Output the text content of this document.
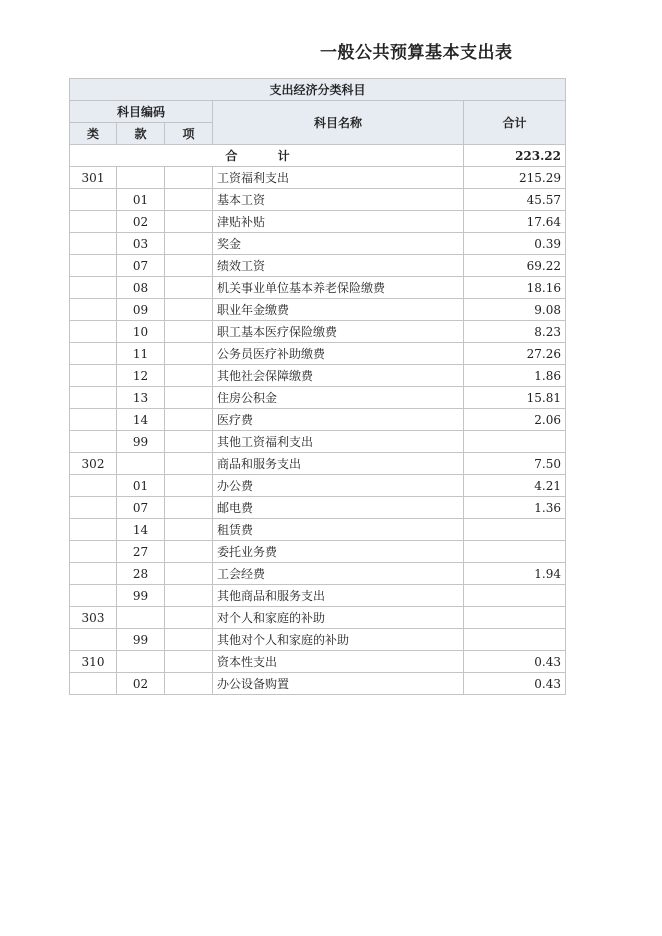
一般公共预算基本支出表
支出经济分类科目				
科目编码			科目名称	合计
类	款	项		
合 计				223.22
301			工资福利支出	215.29
	01		基本工资	45.57
	02		津贴补贴	17.64
	03		奖金	0.39
	07		绩效工资	69.22
	08		机关事业单位基本养老保险缴费	18.16
	09		职业年金缴费	9.08
	10		职工基本医疗保险缴费	8.23
	11		公务员医疗补助缴费	27.26
	12		其他社会保障缴费	1.86
	13		住房公积金	15.81
	14		医疗费	2.06
	99		其他工资福利支出	
302			商品和服务支出	7.50
	01		办公费	4.21
	07		邮电费	1.36
	14		租赁费	
	27		委托业务费	
	28		工会经费	1.94
	99		其他商品和服务支出	
303			对个人和家庭的补助	
	99		其他对个人和家庭的补助	
310			资本性支出	0.43
	02		办公设备购置	0.43
